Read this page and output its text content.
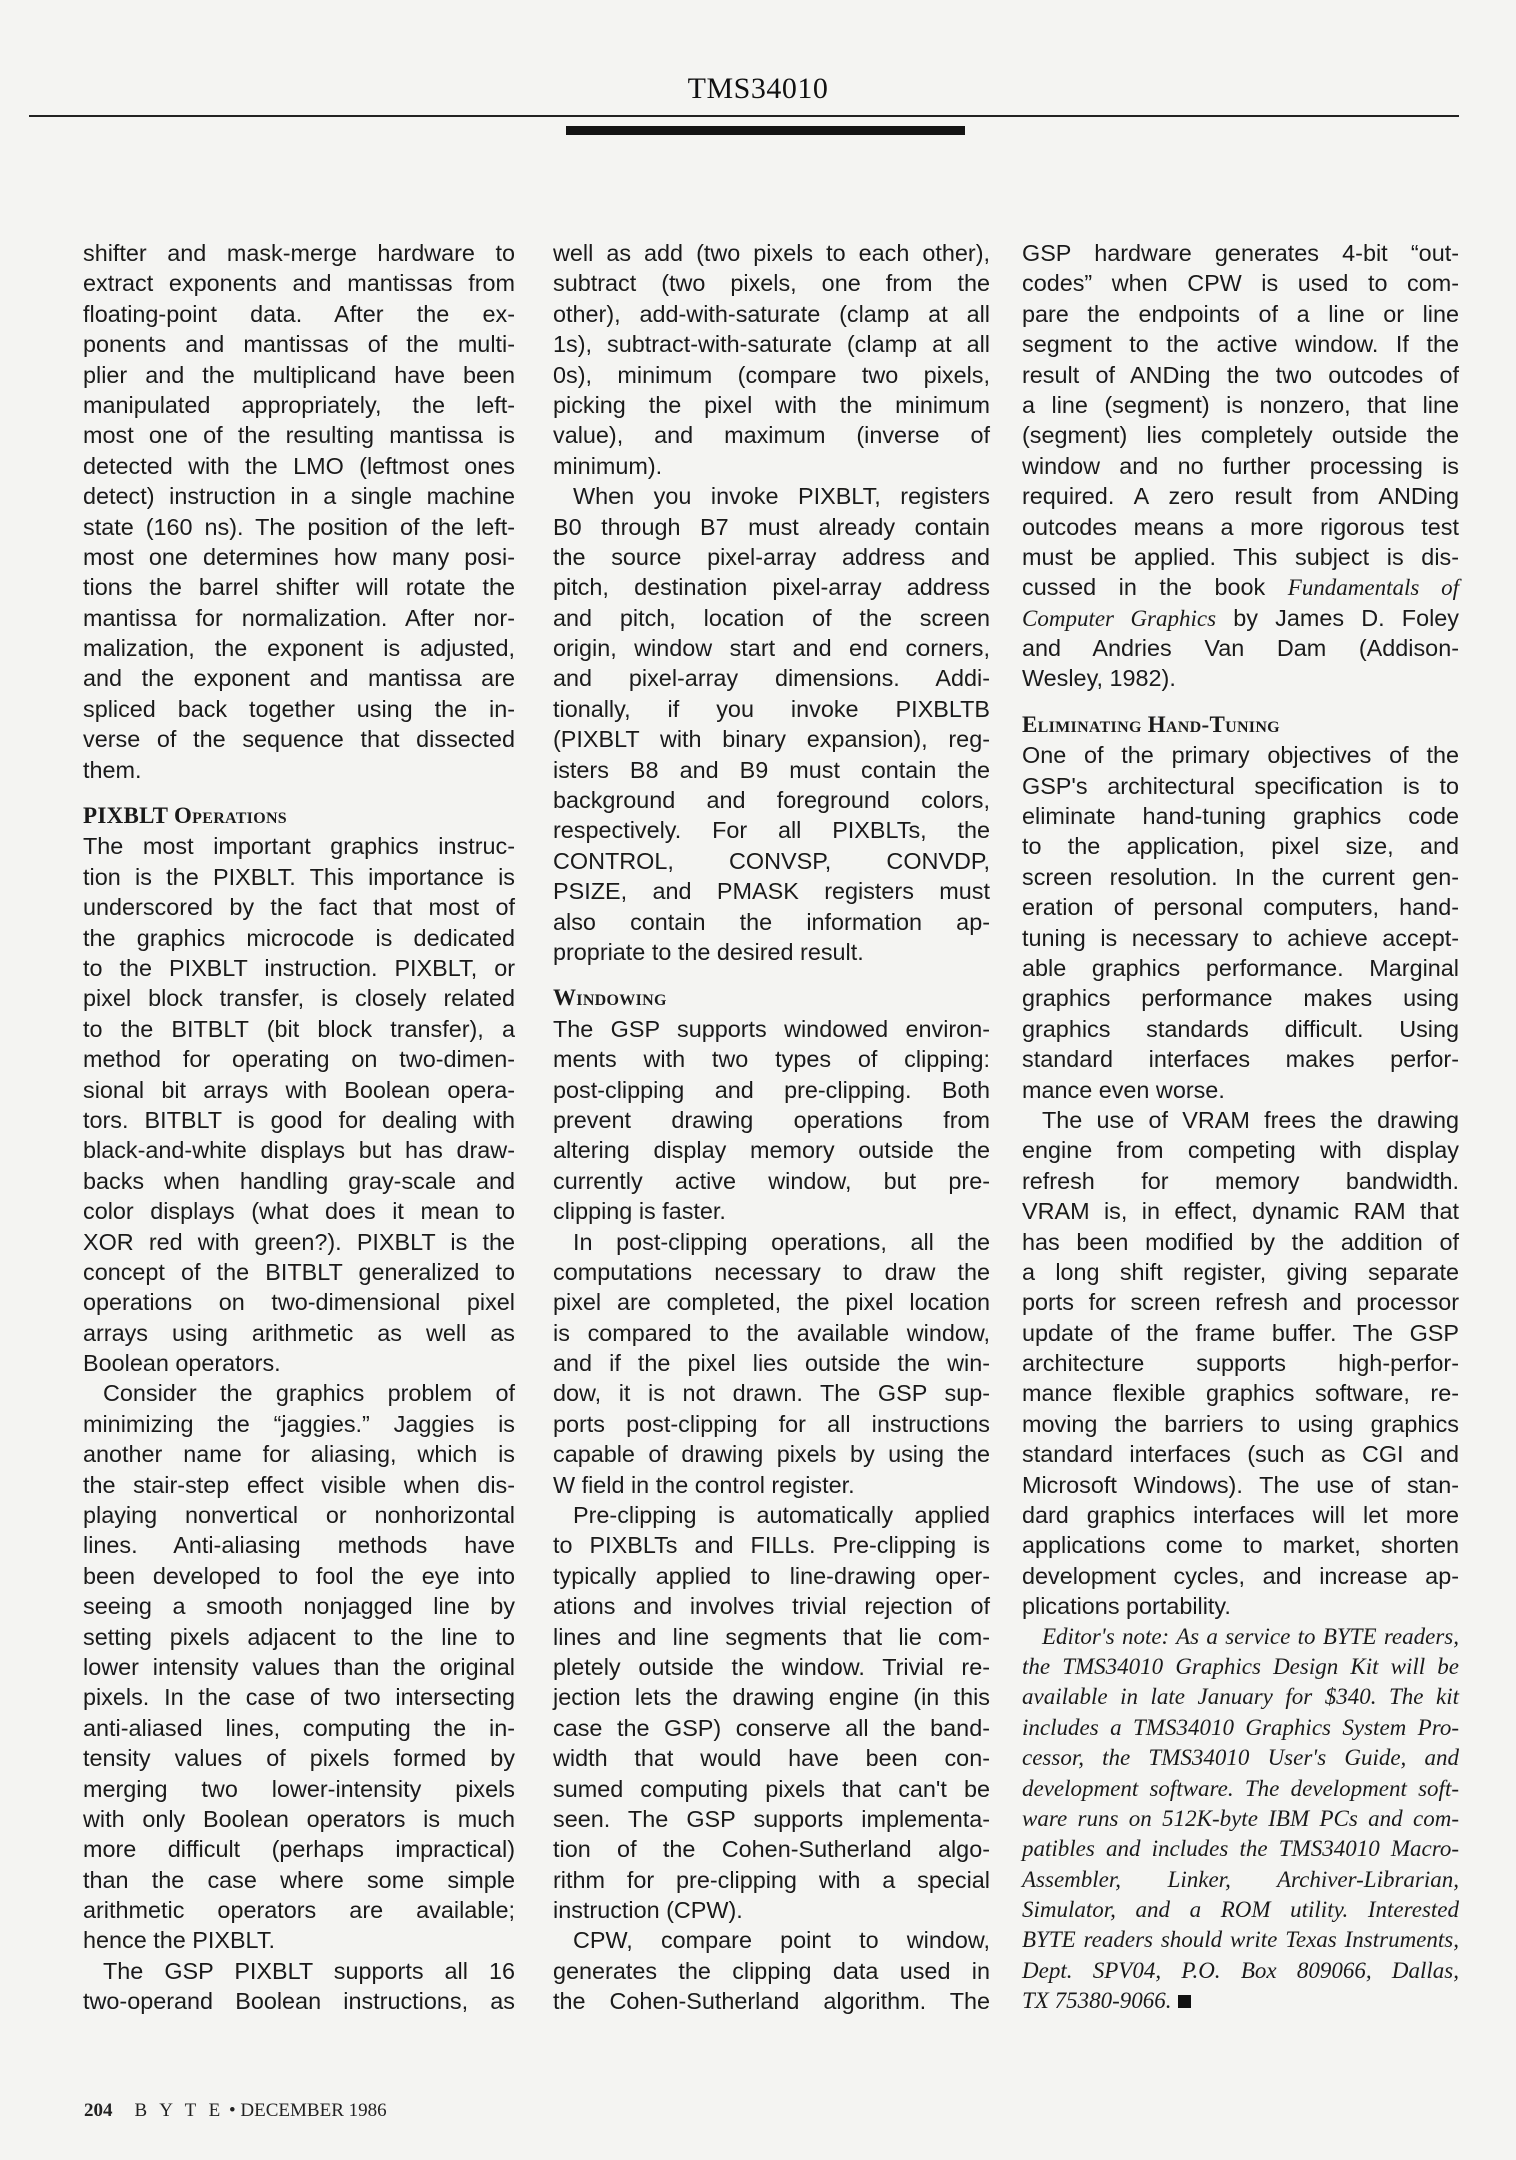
TMS34010
shifter and mask-merge hardware to
extract exponents and mantissas from
floating-point data. After the ex-
ponents and mantissas of the multi-
plier and the multiplicand have been
manipulated appropriately, the left-
most one of the resulting mantissa is
detected with the LMO (leftmost ones
detect) instruction in a single machine
state (160 ns). The position of the left-
most one determines how many posi-
tions the barrel shifter will rotate the
mantissa for normalization. After nor-
malization, the exponent is adjusted,
and the exponent and mantissa are
spliced back together using the in-
verse of the sequence that dissected
them.
PIXBLT Operations
The most important graphics instruc-
tion is the PIXBLT. This importance is
underscored by the fact that most of
the graphics microcode is dedicated
to the PIXBLT instruction. PIXBLT, or
pixel block transfer, is closely related
to the BITBLT (bit block transfer), a
method for operating on two-dimen-
sional bit arrays with Boolean opera-
tors. BITBLT is good for dealing with
black-and-white displays but has draw-
backs when handling gray-scale and
color displays (what does it mean to
XOR red with green?). PIXBLT is the
concept of the BITBLT generalized to
operations on two-dimensional pixel
arrays using arithmetic as well as
Boolean operators.
Consider the graphics problem of
minimizing the “jaggies.” Jaggies is
another name for aliasing, which is
the stair-step effect visible when dis-
playing nonvertical or nonhorizontal
lines. Anti-aliasing methods have
been developed to fool the eye into
seeing a smooth nonjagged line by
setting pixels adjacent to the line to
lower intensity values than the original
pixels. In the case of two intersecting
anti-aliased lines, computing the in-
tensity values of pixels formed by
merging two lower-intensity pixels
with only Boolean operators is much
more difficult (perhaps impractical)
than the case where some simple
arithmetic operators are available;
hence the PIXBLT.
The GSP PIXBLT supports all 16
two-operand Boolean instructions, as
well as add (two pixels to each other),
subtract (two pixels, one from the
other), add-with-saturate (clamp at all
1s), subtract-with-saturate (clamp at all
0s), minimum (compare two pixels,
picking the pixel with the minimum
value), and maximum (inverse of
minimum).
When you invoke PIXBLT, registers
B0 through B7 must already contain
the source pixel-array address and
pitch, destination pixel-array address
and pitch, location of the screen
origin, window start and end corners,
and pixel-array dimensions. Addi-
tionally, if you invoke PIXBLTB
(PIXBLT with binary expansion), reg-
isters B8 and B9 must contain the
background and foreground colors,
respectively. For all PIXBLTs, the
CONTROL, CONVSP, CONVDP,
PSIZE, and PMASK registers must
also contain the information ap-
propriate to the desired result.
Windowing
The GSP supports windowed environ-
ments with two types of clipping:
post-clipping and pre-clipping. Both
prevent drawing operations from
altering display memory outside the
currently active window, but pre-
clipping is faster.
In post-clipping operations, all the
computations necessary to draw the
pixel are completed, the pixel location
is compared to the available window,
and if the pixel lies outside the win-
dow, it is not drawn. The GSP sup-
ports post-clipping for all instructions
capable of drawing pixels by using the
W field in the control register.
Pre-clipping is automatically applied
to PIXBLTs and FILLs. Pre-clipping is
typically applied to line-drawing oper-
ations and involves trivial rejection of
lines and line segments that lie com-
pletely outside the window. Trivial re-
jection lets the drawing engine (in this
case the GSP) conserve all the band-
width that would have been con-
sumed computing pixels that can't be
seen. The GSP supports implementa-
tion of the Cohen-Sutherland algo-
rithm for pre-clipping with a special
instruction (CPW).
CPW, compare point to window,
generates the clipping data used in
the Cohen-Sutherland algorithm. The
GSP hardware generates 4-bit “out-
codes” when CPW is used to com-
pare the endpoints of a line or line
segment to the active window. If the
result of ANDing the two outcodes of
a line (segment) is nonzero, that line
(segment) lies completely outside the
window and no further processing is
required. A zero result from ANDing
outcodes means a more rigorous test
must be applied. This subject is dis-
cussed in the book Fundamentals of
Computer Graphics by James D. Foley
and Andries Van Dam (Addison-
Wesley, 1982).
Eliminating Hand-Tuning
One of the primary objectives of the
GSP's architectural specification is to
eliminate hand-tuning graphics code
to the application, pixel size, and
screen resolution. In the current gen-
eration of personal computers, hand-
tuning is necessary to achieve accept-
able graphics performance. Marginal
graphics performance makes using
graphics standards difficult. Using
standard interfaces makes perfor-
mance even worse.
The use of VRAM frees the drawing
engine from competing with display
refresh for memory bandwidth.
VRAM is, in effect, dynamic RAM that
has been modified by the addition of
a long shift register, giving separate
ports for screen refresh and processor
update of the frame buffer. The GSP
architecture supports high-perfor-
mance flexible graphics software, re-
moving the barriers to using graphics
standard interfaces (such as CGI and
Microsoft Windows). The use of stan-
dard graphics interfaces will let more
applications come to market, shorten
development cycles, and increase ap-
plications portability.
Editor's note: As a service to BYTE readers,
the TMS34010 Graphics Design Kit will be
available in late January for $340. The kit
includes a TMS34010 Graphics System Pro-
cessor, the TMS34010 User's Guide, and
development software. The development soft-
ware runs on 512K-byte IBM PCs and com-
patibles and includes the TMS34010 Macro-
Assembler, Linker, Archiver-Librarian,
Simulator, and a ROM utility. Interested
BYTE readers should write Texas Instruments,
Dept. SPV04, P.O. Box 809066, Dallas,
TX 75380-9066.
204 B Y T E • DECEMBER 1986
